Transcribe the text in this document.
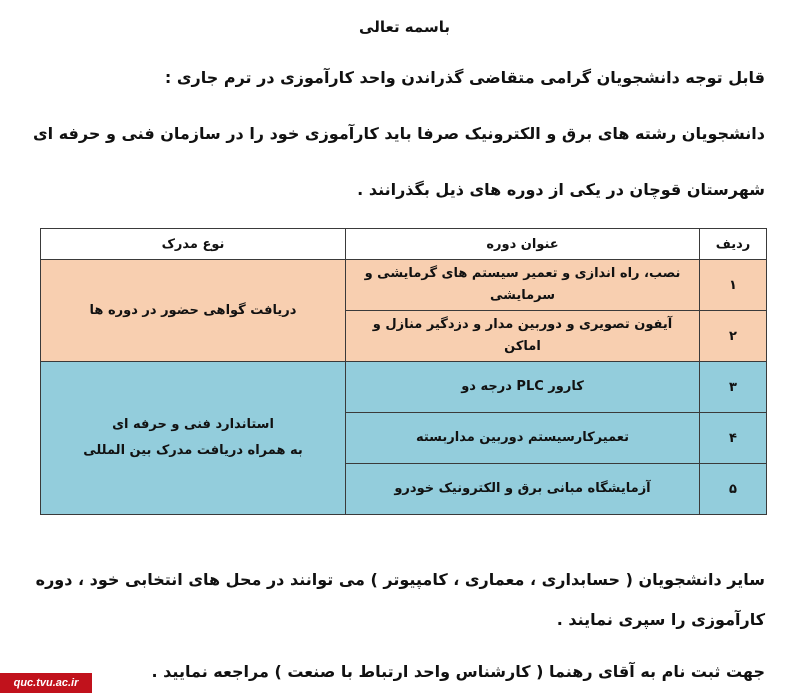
باسمه تعالی
قابل توجه دانشجویان گرامی متقاضی گذراندن واحد کارآموزی در ترم جاری :
دانشجویان رشته های برق و الکترونیک صرفا باید کارآموزی خود را در سازمان فنی و حرفه ای
شهرستان قوچان در یکی از دوره های ذیل بگذرانند .
ردیف	عنوان دوره	نوع مدرک
۱	نصب، راه اندازی و تعمیر سیستم های گرمایشی و سرمایشی	دریافت گواهی حضور در دوره ها
۲	آیفون تصویری و دوربین مدار و دزدگیر منازل و اماکن	
۳	کارور PLC درجه دو	استاندارد فنی و حرفه ای
به همراه دریافت مدرک بین المللی

۴	تعمیرکارسیستم دوربین مداربسته	
۵	آزمایشگاه مبانی برق و الکترونیک خودرو	
سایر دانشجویان ( حسابداری ، معماری ، کامپیوتر ) می توانند در محل های انتخابی خود ، دوره
کارآموزی را سپری نمایند .
جهت ثبت نام به آقای رهنما ( کارشناس واحد ارتباط با صنعت ) مراجعه نمایید .
quc.tvu.ac.ir
